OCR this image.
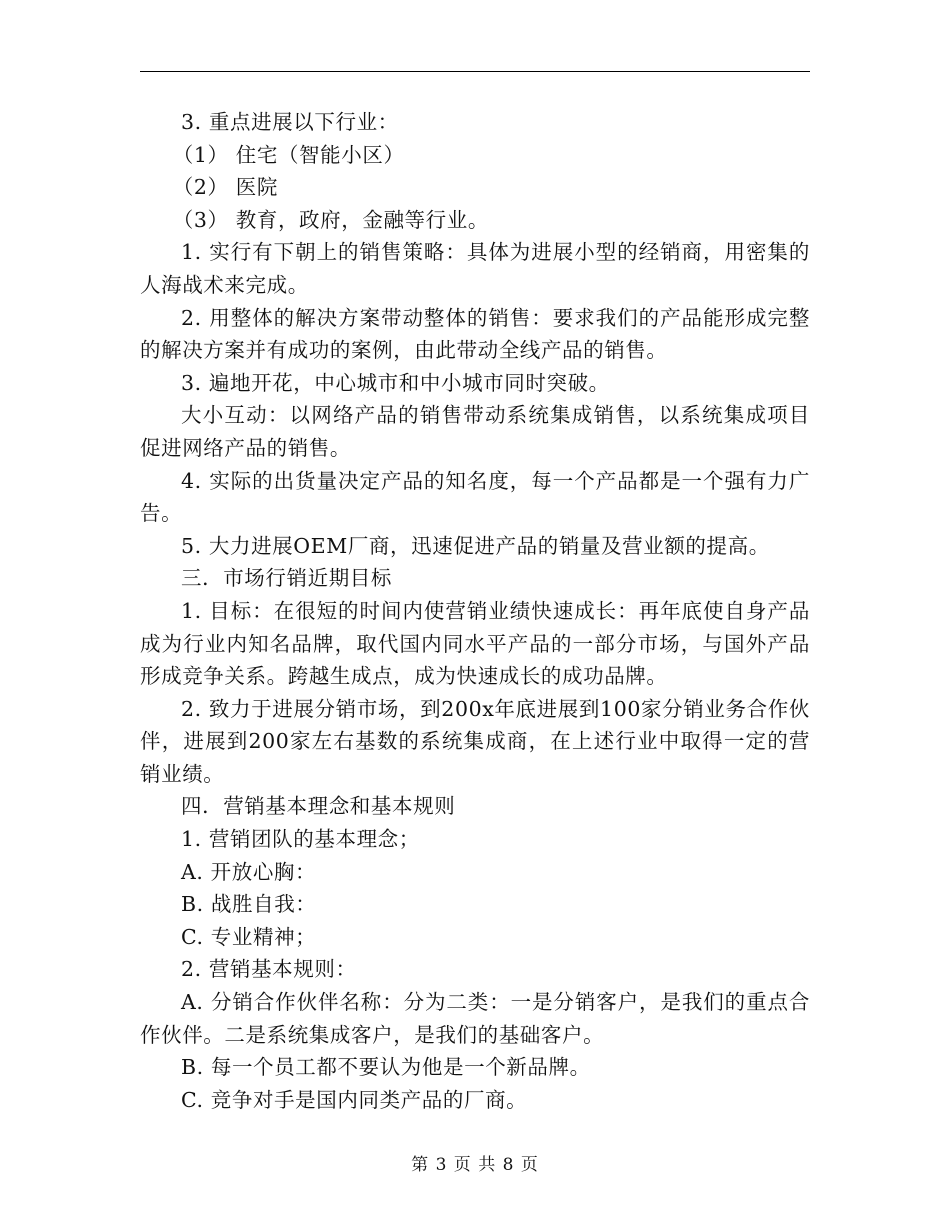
3. 重点进展以下行业：

（1） 住宅（智能小区）

（2） 医院

（3） 教育，政府，金融等行业。

1. 实行有下朝上的销售策略：具体为进展小型的经销商，用密集的人海战术来完成。

2. 用整体的解决方案带动整体的销售：要求我们的产品能形成完整的解决方案并有成功的案例，由此带动全线产品的销售。

3. 遍地开花，中心城市和中小城市同时突破。

大小互动：以网络产品的销售带动系统集成销售，以系统集成项目促进网络产品的销售。

4. 实际的出货量决定产品的知名度，每一个产品都是一个强有力广告。

5. 大力进展OEM厂商，迅速促进产品的销量及营业额的提高。

三．市场行销近期目标

1. 目标：在很短的时间内使营销业绩快速成长：再年底使自身产品成为行业内知名品牌，取代国内同水平产品的一部分市场，与国外产品形成竞争关系。跨越生成点，成为快速成长的成功品牌。

2. 致力于进展分销市场，到200x年底进展到100家分销业务合作伙伴，进展到200家左右基数的系统集成商，在上述行业中取得一定的营销业绩。

四．营销基本理念和基本规则

1. 营销团队的基本理念；

A. 开放心胸：

B. 战胜自我：

C. 专业精神；

2. 营销基本规则：

A. 分销合作伙伴名称：分为二类：一是分销客户，是我们的重点合作伙伴。二是系统集成客户，是我们的基础客户。

B. 每一个员工都不要认为他是一个新品牌。

C. 竞争对手是国内同类产品的厂商。

第 3 页 共 8 页
